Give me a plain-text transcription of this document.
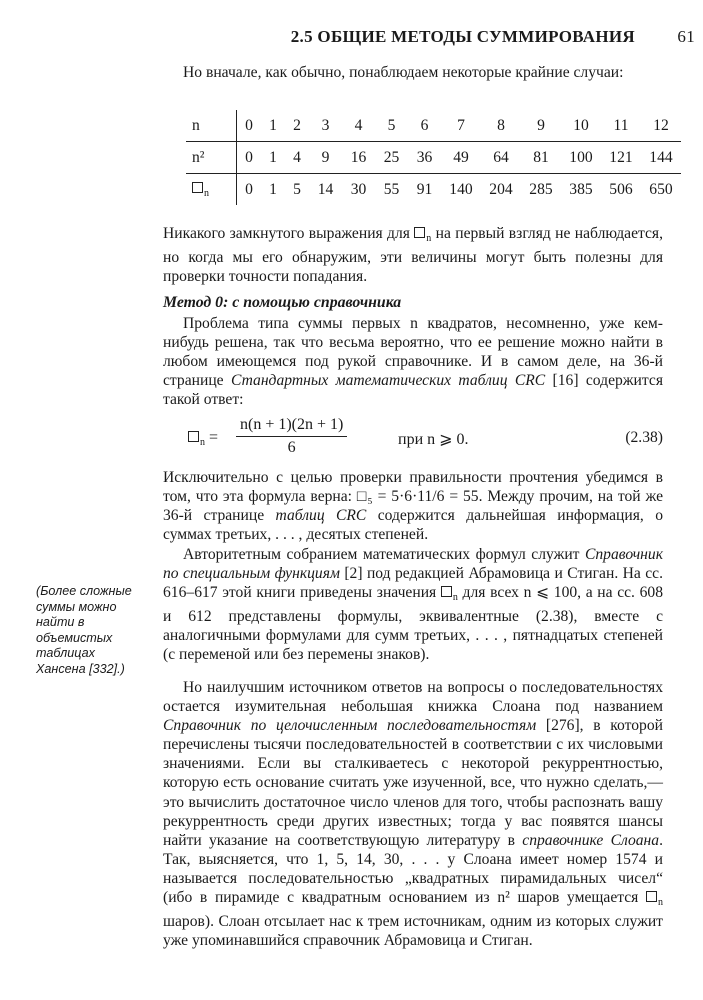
2.5 ОБЩИЕ МЕТОДЫ СУММИРОВАНИЯ 61
Но вначале, как обычно, понаблюдаем некоторые крайние случаи:
n	0	1	2	3	4	5	6	7	8	9	10	11	12
n²	0	1	4	9	16	25	36	49	64	81	100	121	144
$_n$	0	1	5	14	30	55	91	140	204	285	385	506	650
Никакого замкнутого выражения для $_n$ на первый взгляд не наблюдается, но когда мы его обнаружим, эти величины могут быть полезны для проверки точности попадания.
Метод 0: с помощью справочника
Проблема типа суммы первых n квадратов, несомненно, уже кем-нибудь решена, так что весьма вероятно, что ее решение можно найти в любом имеющемся под рукой справочнике. И в самом деле, на 36-й странице Стандартных математических таблиц CRC [16] содержится такой ответ:
$_n = \frac{n(n + 1)(2n + 1)}{6}$	при n ⩾ 0.	(2.38)
Исключительно с целью проверки правильности прочтения убедимся в том, что эта формула верна: □₅ = 5·6·11/6 = 55. Между прочим, на той же 36-й странице таблиц CRC содержится дальнейшая информация, о суммах третьих, . . . , десятых степеней.
Авторитетным собранием математических формул служит Справочник по специальным функциям [2] под редакцией Абрамовица и Стиган. На сс. 616–617 этой книги приведены значения $_n$ для всех n ⩽ 100, а на сс. 608 и 612 представлены формулы, эквивалентные (2.38), вместе с аналогичными формулами для сумм третьих, . . . , пятнадцатых степеней (с переменой или без перемены знаков).
(Более сложные суммы можно найти в объемистых таблицах Хансена [332].)
Но наилучшим источником ответов на вопросы о последовательностях остается изумительная небольшая книжка Слоана под названием Справочник по целочисленным последовательностям [276], в которой перечислены тысячи последовательностей в соответствии с их числовыми значениями. Если вы сталкиваетесь с некоторой рекуррентностью, которую есть основание считать уже изученной, все, что нужно сделать,— это вычислить достаточное число членов для того, чтобы распознать вашу рекуррентность среди других известных; тогда у вас появятся шансы найти указание на соответствующую литературу в справочнике Слоана. Так, выясняется, что 1, 5, 14, 30, . . . у Слоана имеет номер 1574 и называется последовательностью „квадратных пирамидальных чисел“ (ибо в пирамиде с квадратным основанием из n² шаров умещается $_n$ шаров). Слоан отсылает нас к трем источникам, одним из которых служит уже упоминавшийся справочник Абрамовица и Стиган.
